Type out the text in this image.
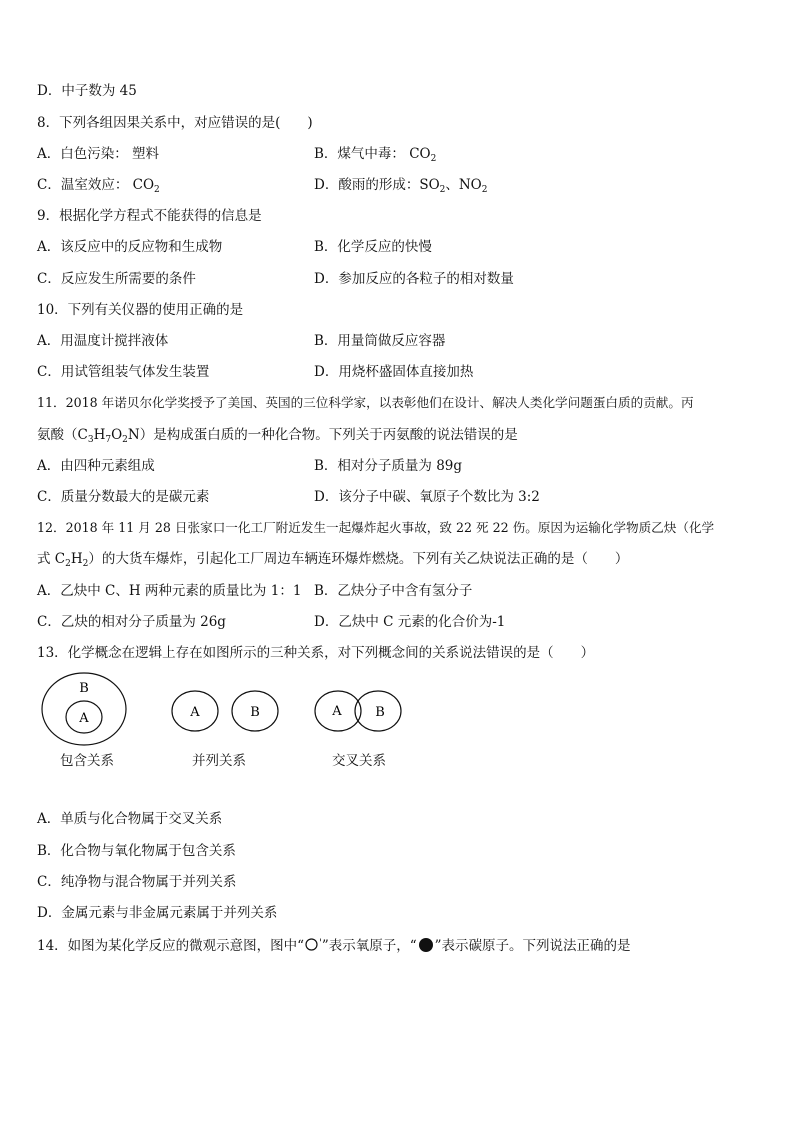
D．中子数为 45
8．下列各组因果关系中，对应错误的是(　　)
A．白色污染： 塑料	B．煤气中毒： $CO_2$
C．温室效应： $CO_2$	D．酸雨的形成：$SO_2$、$NO_2$
9．根据化学方程式不能获得的信息是
A．该反应中的反应物和生成物	B．化学反应的快慢
C．反应发生所需要的条件	D．参加反应的各粒子的相对数量
10．下列有关仪器的使用正确的是
A．用温度计搅拌液体	B．用量筒做反应容器
C．用试管组装气体发生装置	D．用烧杯盛固体直接加热
11．2018 年诺贝尔化学奖授予了美国、英国的三位科学家，以表彰他们在设计、解决人类化学问题蛋白质的贡献。丙
氨酸$(C_3H_7O_2N)$是构成蛋白质的一种化合物。下列关于丙氨酸的说法错误的是
A．由四种元素组成	B．相对分子质量为 89g
C．质量分数最大的是碳元素	D．该分子中碳、氧原子个数比为 3:2
12．2018 年 11 月 28 日张家口一化工厂附近发生一起爆炸起火事故，致 22 死 22 伤。原因为运输化学物质乙炔（化学
式 $C_2H_2$）的大货车爆炸，引起化工厂周边车辆连环爆炸燃烧。下列有关乙炔说法正确的是（　　）
A．乙炔中 C、H 两种元素的质量比为 1：1 B．乙炔分子中含有氢分子
C．乙炔的相对分子质量为 26g	D．乙炔中 C 元素的化合价为-1
13．化学概念在逻辑上存在如图所示的三种关系，对下列概念间的关系说法错误的是（　　）
B
A	A	B	A	B
包含关系	并列关系	交叉关系
A．单质与化合物属于交叉关系
B．化合物与氧化物属于包含关系
C．纯净物与混合物属于并列关系
D．金属元素与非金属元素属于并列关系
14．如图为某化学反应的微观示意图，图中“ '”表示氧原子，“ ”表示碳原子。下列说法正确的是
